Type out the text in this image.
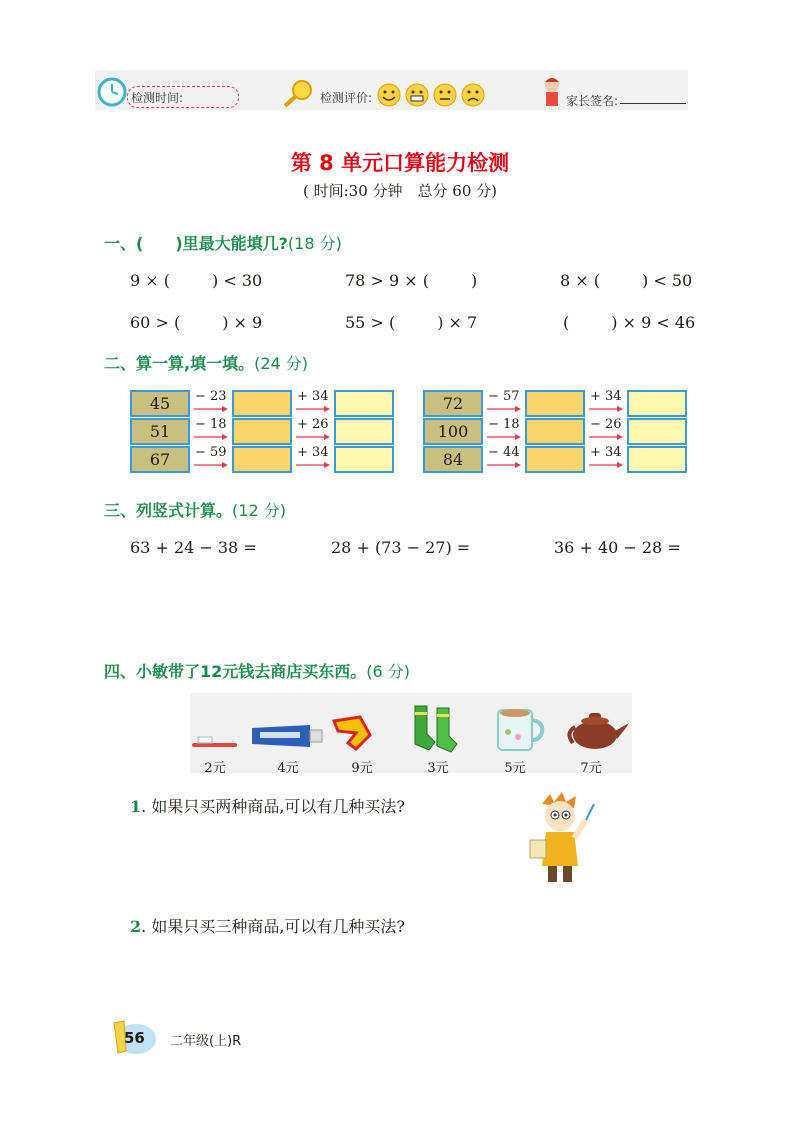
检测时间:	检测评价:	家长签名:
第 8 单元口算能力检测
( 时间:30 分钟　总分 60 分)
一、(　　)里最大能填几?(18 分)
9 × (	) < 30	78 > 9 × (	)	8 × (	) < 50
60 > (	) × 9	55 > (	) × 7	(	) × 9 < 46
二、算一算,填一填。(24 分)
45	− 23	+ 34
51	− 18	+ 26
67	− 59	+ 34
72	− 57	+ 34
100	− 18	− 26
84	− 44	+ 34
三、列竖式计算。(12 分)
63 + 24 − 38 =	28 + (73 − 27) =	36 + 40 − 28 =
四、小敏带了12元钱去商店买东西。(6 分)
2元	4元	9元	3元	5元	7元
1. 如果只买两种商品,可以有几种买法?
2. 如果只买三种商品,可以有几种买法?
56 二年级(上)R
